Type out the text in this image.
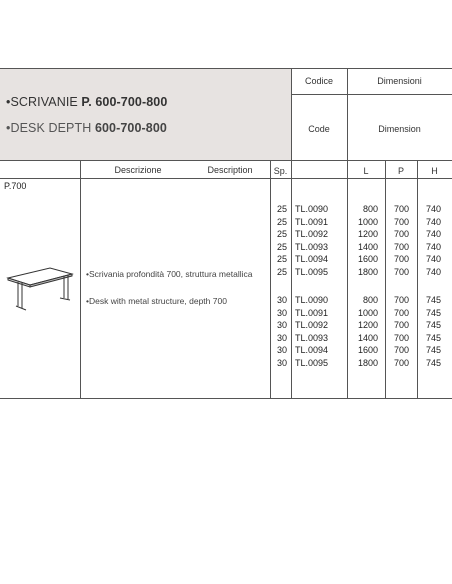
•SCRIVANIE P. 600-700-800
•DESK DEPTH 600-700-800
Codice	Dimensioni
Code	Dimension
Descrizione	Description	Sp.	L	P	H
P.700
•Scrivania profondità 700, struttura metallica
•Desk with metal structure, depth 700
25 TL.0090	800	700	740
25 TL.0091	1000	700	740
25 TL.0092	1200	700	740
25 TL.0093	1400	700	740
25 TL.0094	1600	700	740
25 TL.0095	1800	700	740
30 TL.0090	800	700	745
30 TL.0091	1000	700	745
30 TL.0092	1200	700	745
30 TL.0093	1400	700	745
30 TL.0094	1600	700	745
30 TL.0095	1800	700	745
